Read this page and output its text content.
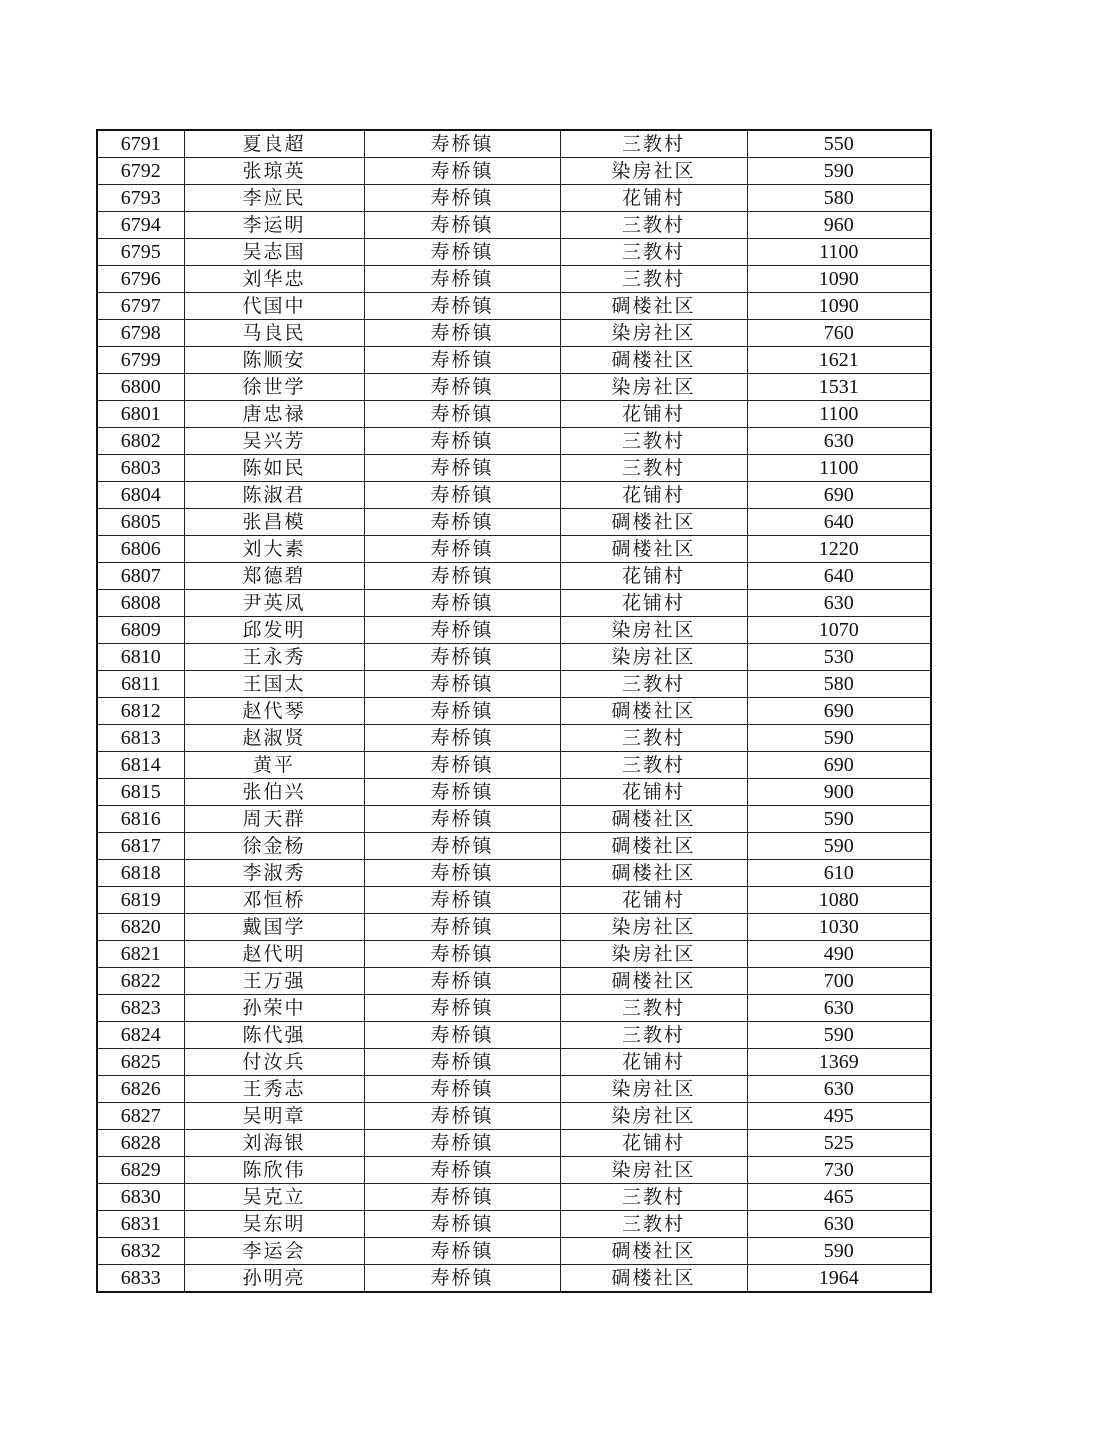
6791	夏良超	寿桥镇	三教村	550
6792	张琼英	寿桥镇	染房社区	590
6793	李应民	寿桥镇	花铺村	580
6794	李运明	寿桥镇	三教村	960
6795	吴志国	寿桥镇	三教村	1100
6796	刘华忠	寿桥镇	三教村	1090
6797	代国中	寿桥镇	碉楼社区	1090
6798	马良民	寿桥镇	染房社区	760
6799	陈顺安	寿桥镇	碉楼社区	1621
6800	徐世学	寿桥镇	染房社区	1531
6801	唐忠禄	寿桥镇	花铺村	1100
6802	吴兴芳	寿桥镇	三教村	630
6803	陈如民	寿桥镇	三教村	1100
6804	陈淑君	寿桥镇	花铺村	690
6805	张昌模	寿桥镇	碉楼社区	640
6806	刘大素	寿桥镇	碉楼社区	1220
6807	郑德碧	寿桥镇	花铺村	640
6808	尹英凤	寿桥镇	花铺村	630
6809	邱发明	寿桥镇	染房社区	1070
6810	王永秀	寿桥镇	染房社区	530
6811	王国太	寿桥镇	三教村	580
6812	赵代琴	寿桥镇	碉楼社区	690
6813	赵淑贤	寿桥镇	三教村	590
6814	黄平	寿桥镇	三教村	690
6815	张伯兴	寿桥镇	花铺村	900
6816	周天群	寿桥镇	碉楼社区	590
6817	徐金杨	寿桥镇	碉楼社区	590
6818	李淑秀	寿桥镇	碉楼社区	610
6819	邓恒桥	寿桥镇	花铺村	1080
6820	戴国学	寿桥镇	染房社区	1030
6821	赵代明	寿桥镇	染房社区	490
6822	王万强	寿桥镇	碉楼社区	700
6823	孙荣中	寿桥镇	三教村	630
6824	陈代强	寿桥镇	三教村	590
6825	付汝兵	寿桥镇	花铺村	1369
6826	王秀志	寿桥镇	染房社区	630
6827	吴明章	寿桥镇	染房社区	495
6828	刘海银	寿桥镇	花铺村	525
6829	陈欣伟	寿桥镇	染房社区	730
6830	吴克立	寿桥镇	三教村	465
6831	吴东明	寿桥镇	三教村	630
6832	李运会	寿桥镇	碉楼社区	590
6833	孙明亮	寿桥镇	碉楼社区	1964
